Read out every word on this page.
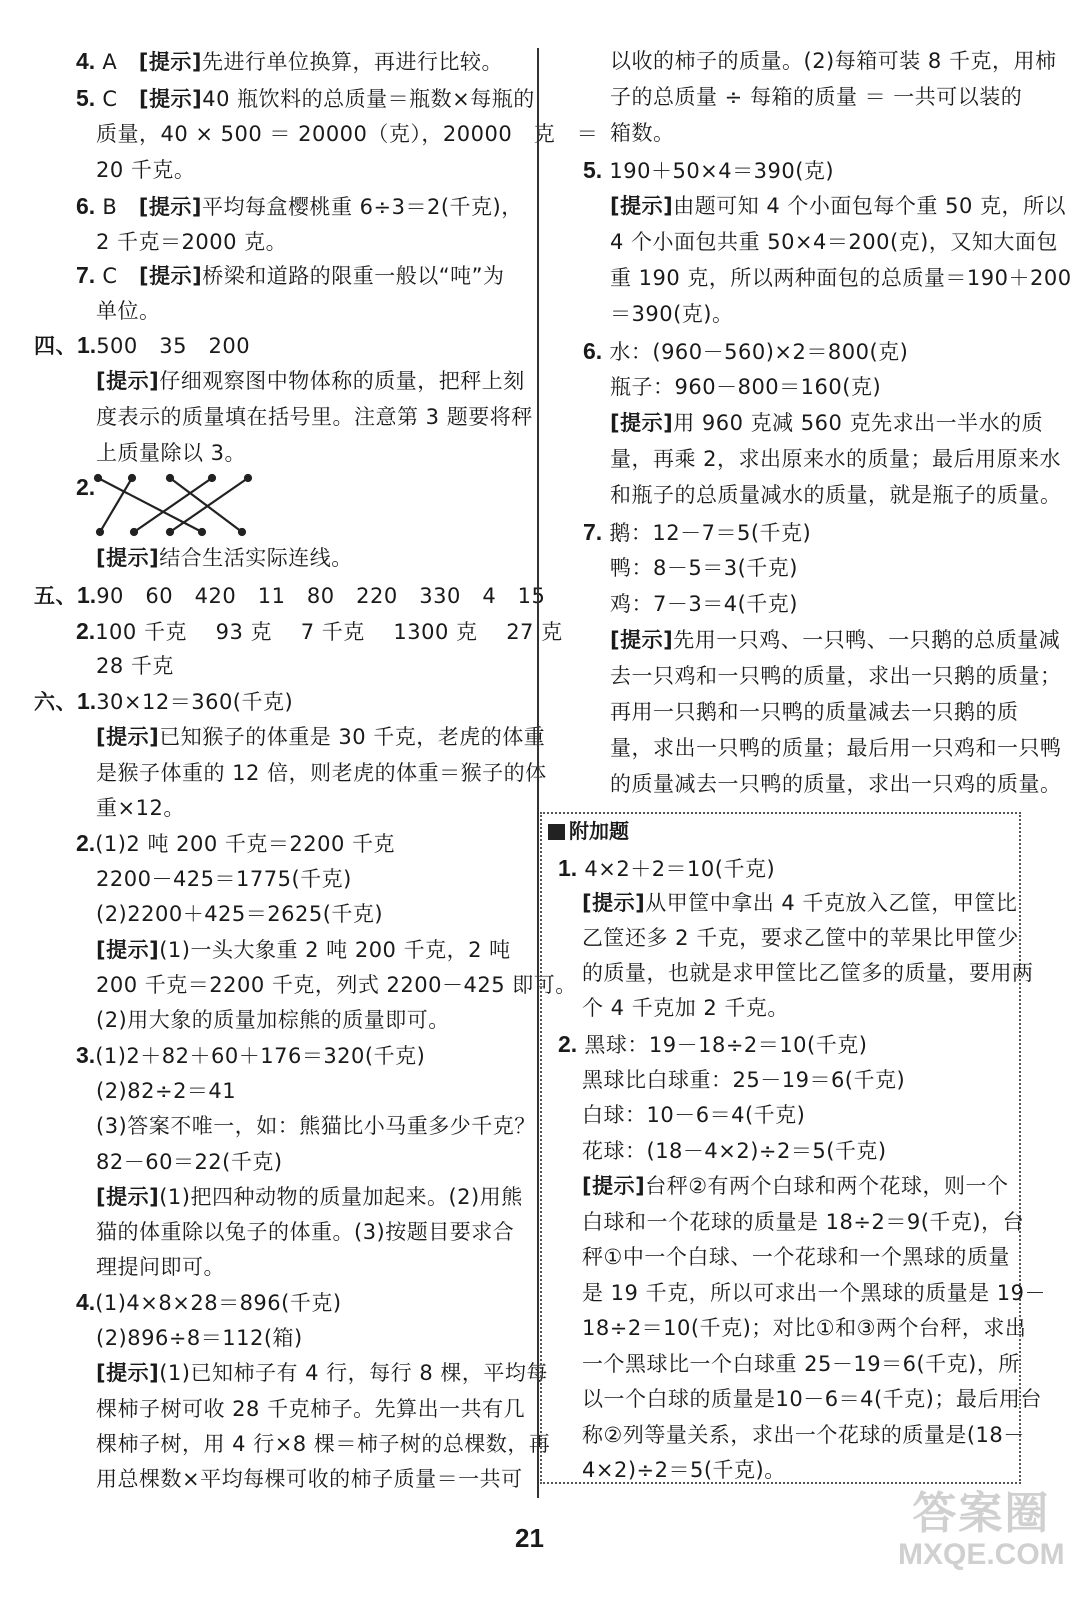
4. A　[提示]先进行单位换算，再进行比较。
5. C　[提示]40 瓶饮料的总质量＝瓶数×每瓶的
质量，40 × 500 ＝ 20000（克），20000　克　＝
20 千克。
6. B　[提示]平均每盒樱桃重 6÷3＝2(千克)，
2 千克＝2000 克。
7. C　[提示]桥梁和道路的限重一般以“吨”为
单位。
四、1.500　35　200
[提示]仔细观察图中物体称的质量，把秤上刻
度表示的质量填在括号里。注意第 3 题要将秤
上质量除以 3。
2.
[提示]结合生活实际连线。
五、1.90　60　420　11　80　220　330　4　15
2.100 千克　 93 克　 7 千克　 1300 克　 27 克
28 千克
六、1.30×12＝360(千克)
[提示]已知猴子的体重是 30 千克，老虎的体重
是猴子体重的 12 倍，则老虎的体重＝猴子的体
重×12。
2.(1)2 吨 200 千克＝2200 千克
2200－425＝1775(千克)
(2)2200＋425＝2625(千克)
[提示](1)一头大象重 2 吨 200 千克，2 吨
200 千克＝2200 千克，列式 2200－425 即可。
(2)用大象的质量加棕熊的质量即可。
3.(1)2＋82＋60＋176＝320(千克)
(2)82÷2＝41
(3)答案不唯一，如：熊猫比小马重多少千克？
82－60＝22(千克)
[提示](1)把四种动物的质量加起来。(2)用熊
猫的体重除以兔子的体重。(3)按题目要求合
理提问即可。
4.(1)4×8×28＝896(千克)
(2)896÷8＝112(箱)
[提示](1)已知柿子有 4 行，每行 8 棵，平均每
棵柿子树可收 28 千克柿子。先算出一共有几
棵柿子树，用 4 行×8 棵＝柿子树的总棵数，再
用总棵数×平均每棵可收的柿子质量＝一共可
以收的柿子的质量。(2)每箱可装 8 千克，用柿
子的总质量 ÷ 每箱的质量 ＝ 一共可以装的
箱数。
5. 190＋50×4＝390(克)
[提示]由题可知 4 个小面包每个重 50 克，所以
4 个小面包共重 50×4＝200(克)，又知大面包
重 190 克，所以两种面包的总质量＝190＋200
＝390(克)。
6. 水：(960－560)×2＝800(克)
瓶子：960－800＝160(克)
[提示]用 960 克减 560 克先求出一半水的质
量，再乘 2，求出原来水的质量；最后用原来水
和瓶子的总质量减水的质量，就是瓶子的质量。
7. 鹅：12－7＝5(千克)
鸭：8－5＝3(千克)
鸡：7－3＝4(千克)
[提示]先用一只鸡、一只鸭、一只鹅的总质量减
去一只鸡和一只鸭的质量，求出一只鹅的质量；
再用一只鹅和一只鸭的质量减去一只鹅的质
量，求出一只鸭的质量；最后用一只鸡和一只鸭
的质量减去一只鸭的质量，求出一只鸡的质量。
附加题
1. 4×2＋2＝10(千克)
[提示]从甲筐中拿出 4 千克放入乙筐，甲筐比
乙筐还多 2 千克，要求乙筐中的苹果比甲筐少
的质量，也就是求甲筐比乙筐多的质量，要用两
个 4 千克加 2 千克。
2. 黑球：19－18÷2＝10(千克)
黑球比白球重：25－19＝6(千克)
白球：10－6＝4(千克)
花球：(18－4×2)÷2＝5(千克)
[提示]台秤②有两个白球和两个花球，则一个
白球和一个花球的质量是 18÷2＝9(千克)，台
秤①中一个白球、一个花球和一个黑球的质量
是 19 千克，所以可求出一个黑球的质量是 19－
18÷2＝10(千克)；对比①和③两个台秤，求出
一个黑球比一个白球重 25－19＝6(千克)，所
以一个白球的质量是10－6＝4(千克)；最后用台
称②列等量关系，求出一个花球的质量是(18－
4×2)÷2＝5(千克)。
21	答案圈
MXQE.COM
